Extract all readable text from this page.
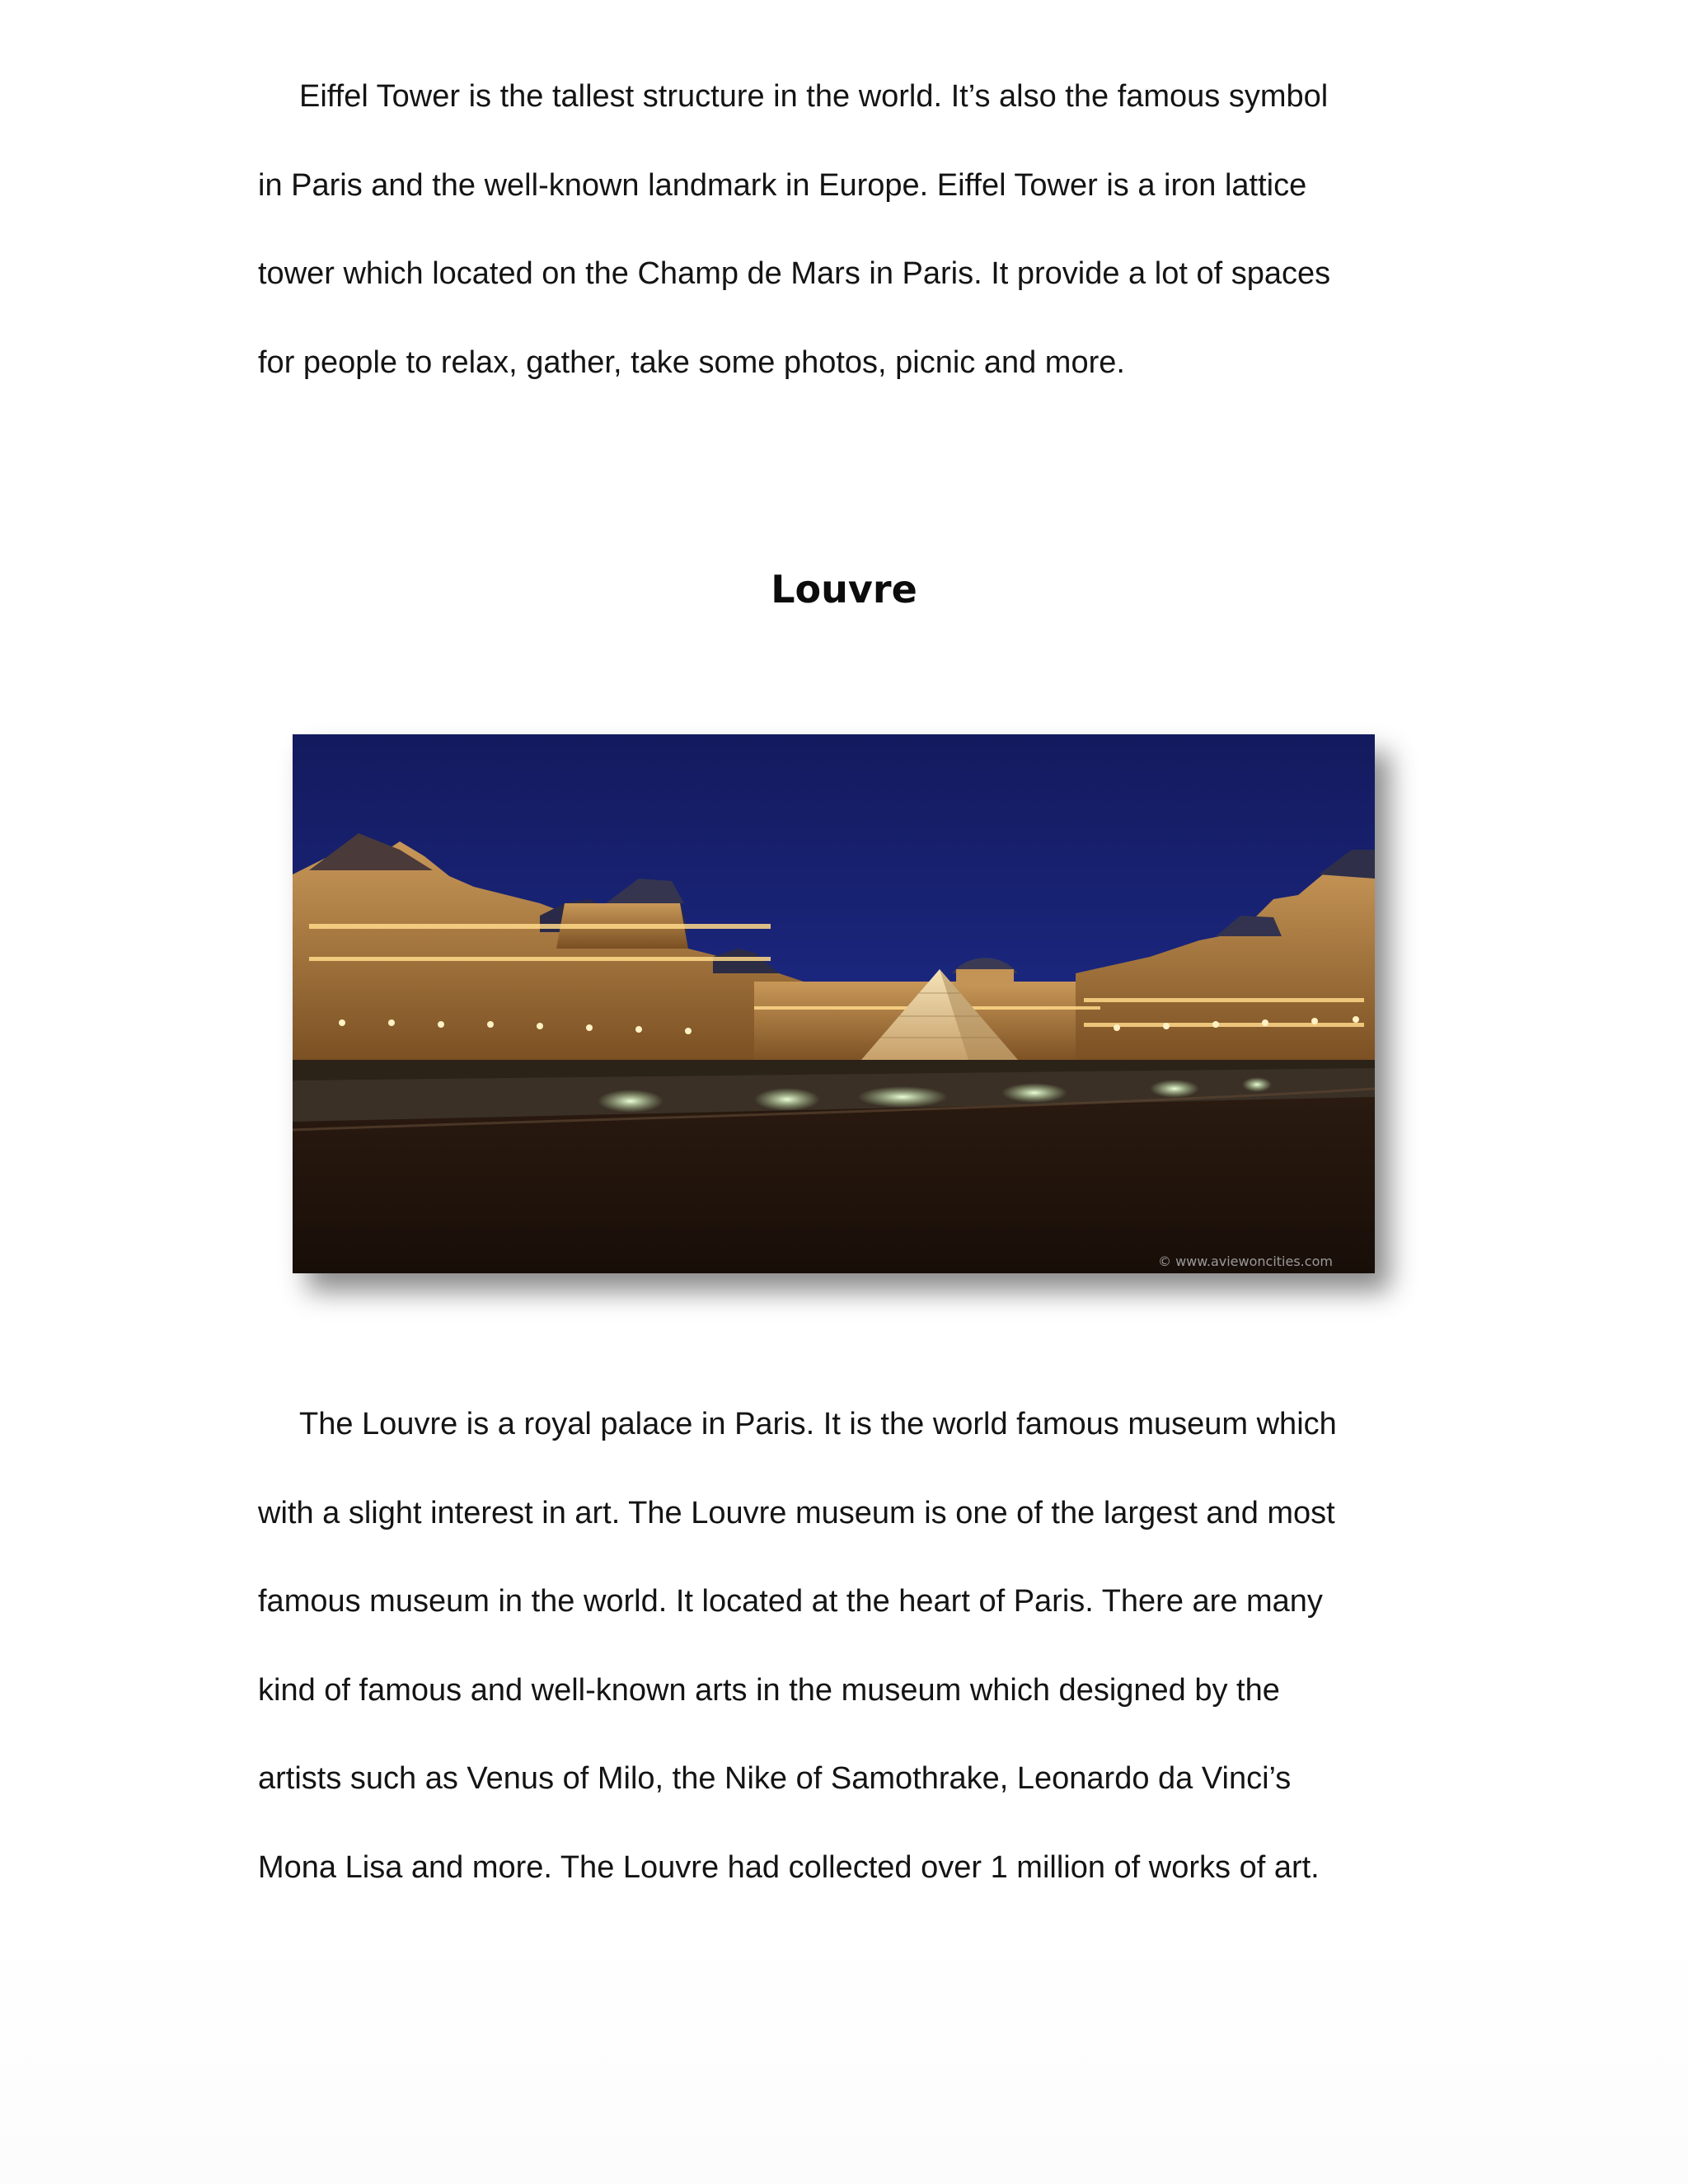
Eiffel Tower is the tallest structure in the world. It’s also the famous symbol
in Paris and the well-known landmark in Europe. Eiffel Tower is a iron lattice
tower which located on the Champ de Mars in Paris. It provide a lot of spaces
for people to relax, gather, take some photos, picnic and more.

Louvre
© www.aviewoncities.com

The Louvre is a royal palace in Paris. It is the world famous museum which
with a slight interest in art. The Louvre museum is one of the largest and most
famous museum in the world. It located at the heart of Paris. There are many
kind of famous and well-known arts in the museum which designed by the
artists such as Venus of Milo, the Nike of Samothrake, Leonardo da Vinci’s
Mona Lisa and more. The Louvre had collected over 1 million of works of art.
